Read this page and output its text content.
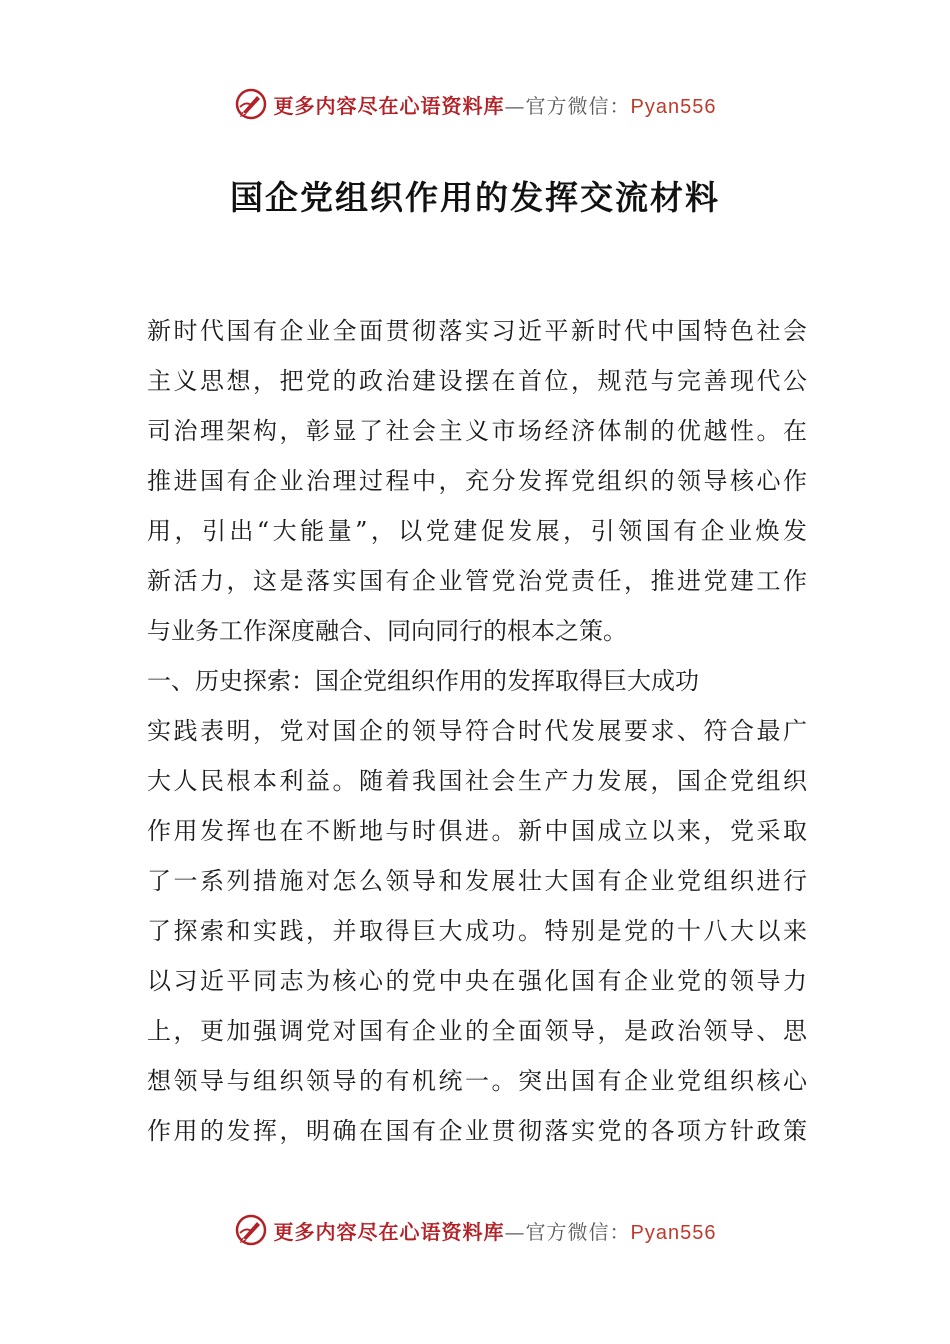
更多内容尽在心语资料库—官方微信：Pyan556
国企党组织作用的发挥交流材料
新时代国有企业全面贯彻落实习近平新时代中国特色社会
主义思想，把党的政治建设摆在首位，规范与完善现代公
司治理架构，彰显了社会主义市场经济体制的优越性。在
推进国有企业治理过程中，充分发挥党组织的领导核心作
用，引出“大能量”，以党建促发展，引领国有企业焕发
新活力，这是落实国有企业管党治党责任，推进党建工作
与业务工作深度融合、同向同行的根本之策。
一、历史探索：国企党组织作用的发挥取得巨大成功
实践表明，党对国企的领导符合时代发展要求、符合最广
大人民根本利益。随着我国社会生产力发展，国企党组织
作用发挥也在不断地与时俱进。新中国成立以来，党采取
了一系列措施对怎么领导和发展壮大国有企业党组织进行
了探索和实践，并取得巨大成功。特别是党的十八大以来
以习近平同志为核心的党中央在强化国有企业党的领导力
上，更加强调党对国有企业的全面领导，是政治领导、思
想领导与组织领导的有机统一。突出国有企业党组织核心
作用的发挥，明确在国有企业贯彻落实党的各项方针政策
更多内容尽在心语资料库—官方微信：Pyan556
